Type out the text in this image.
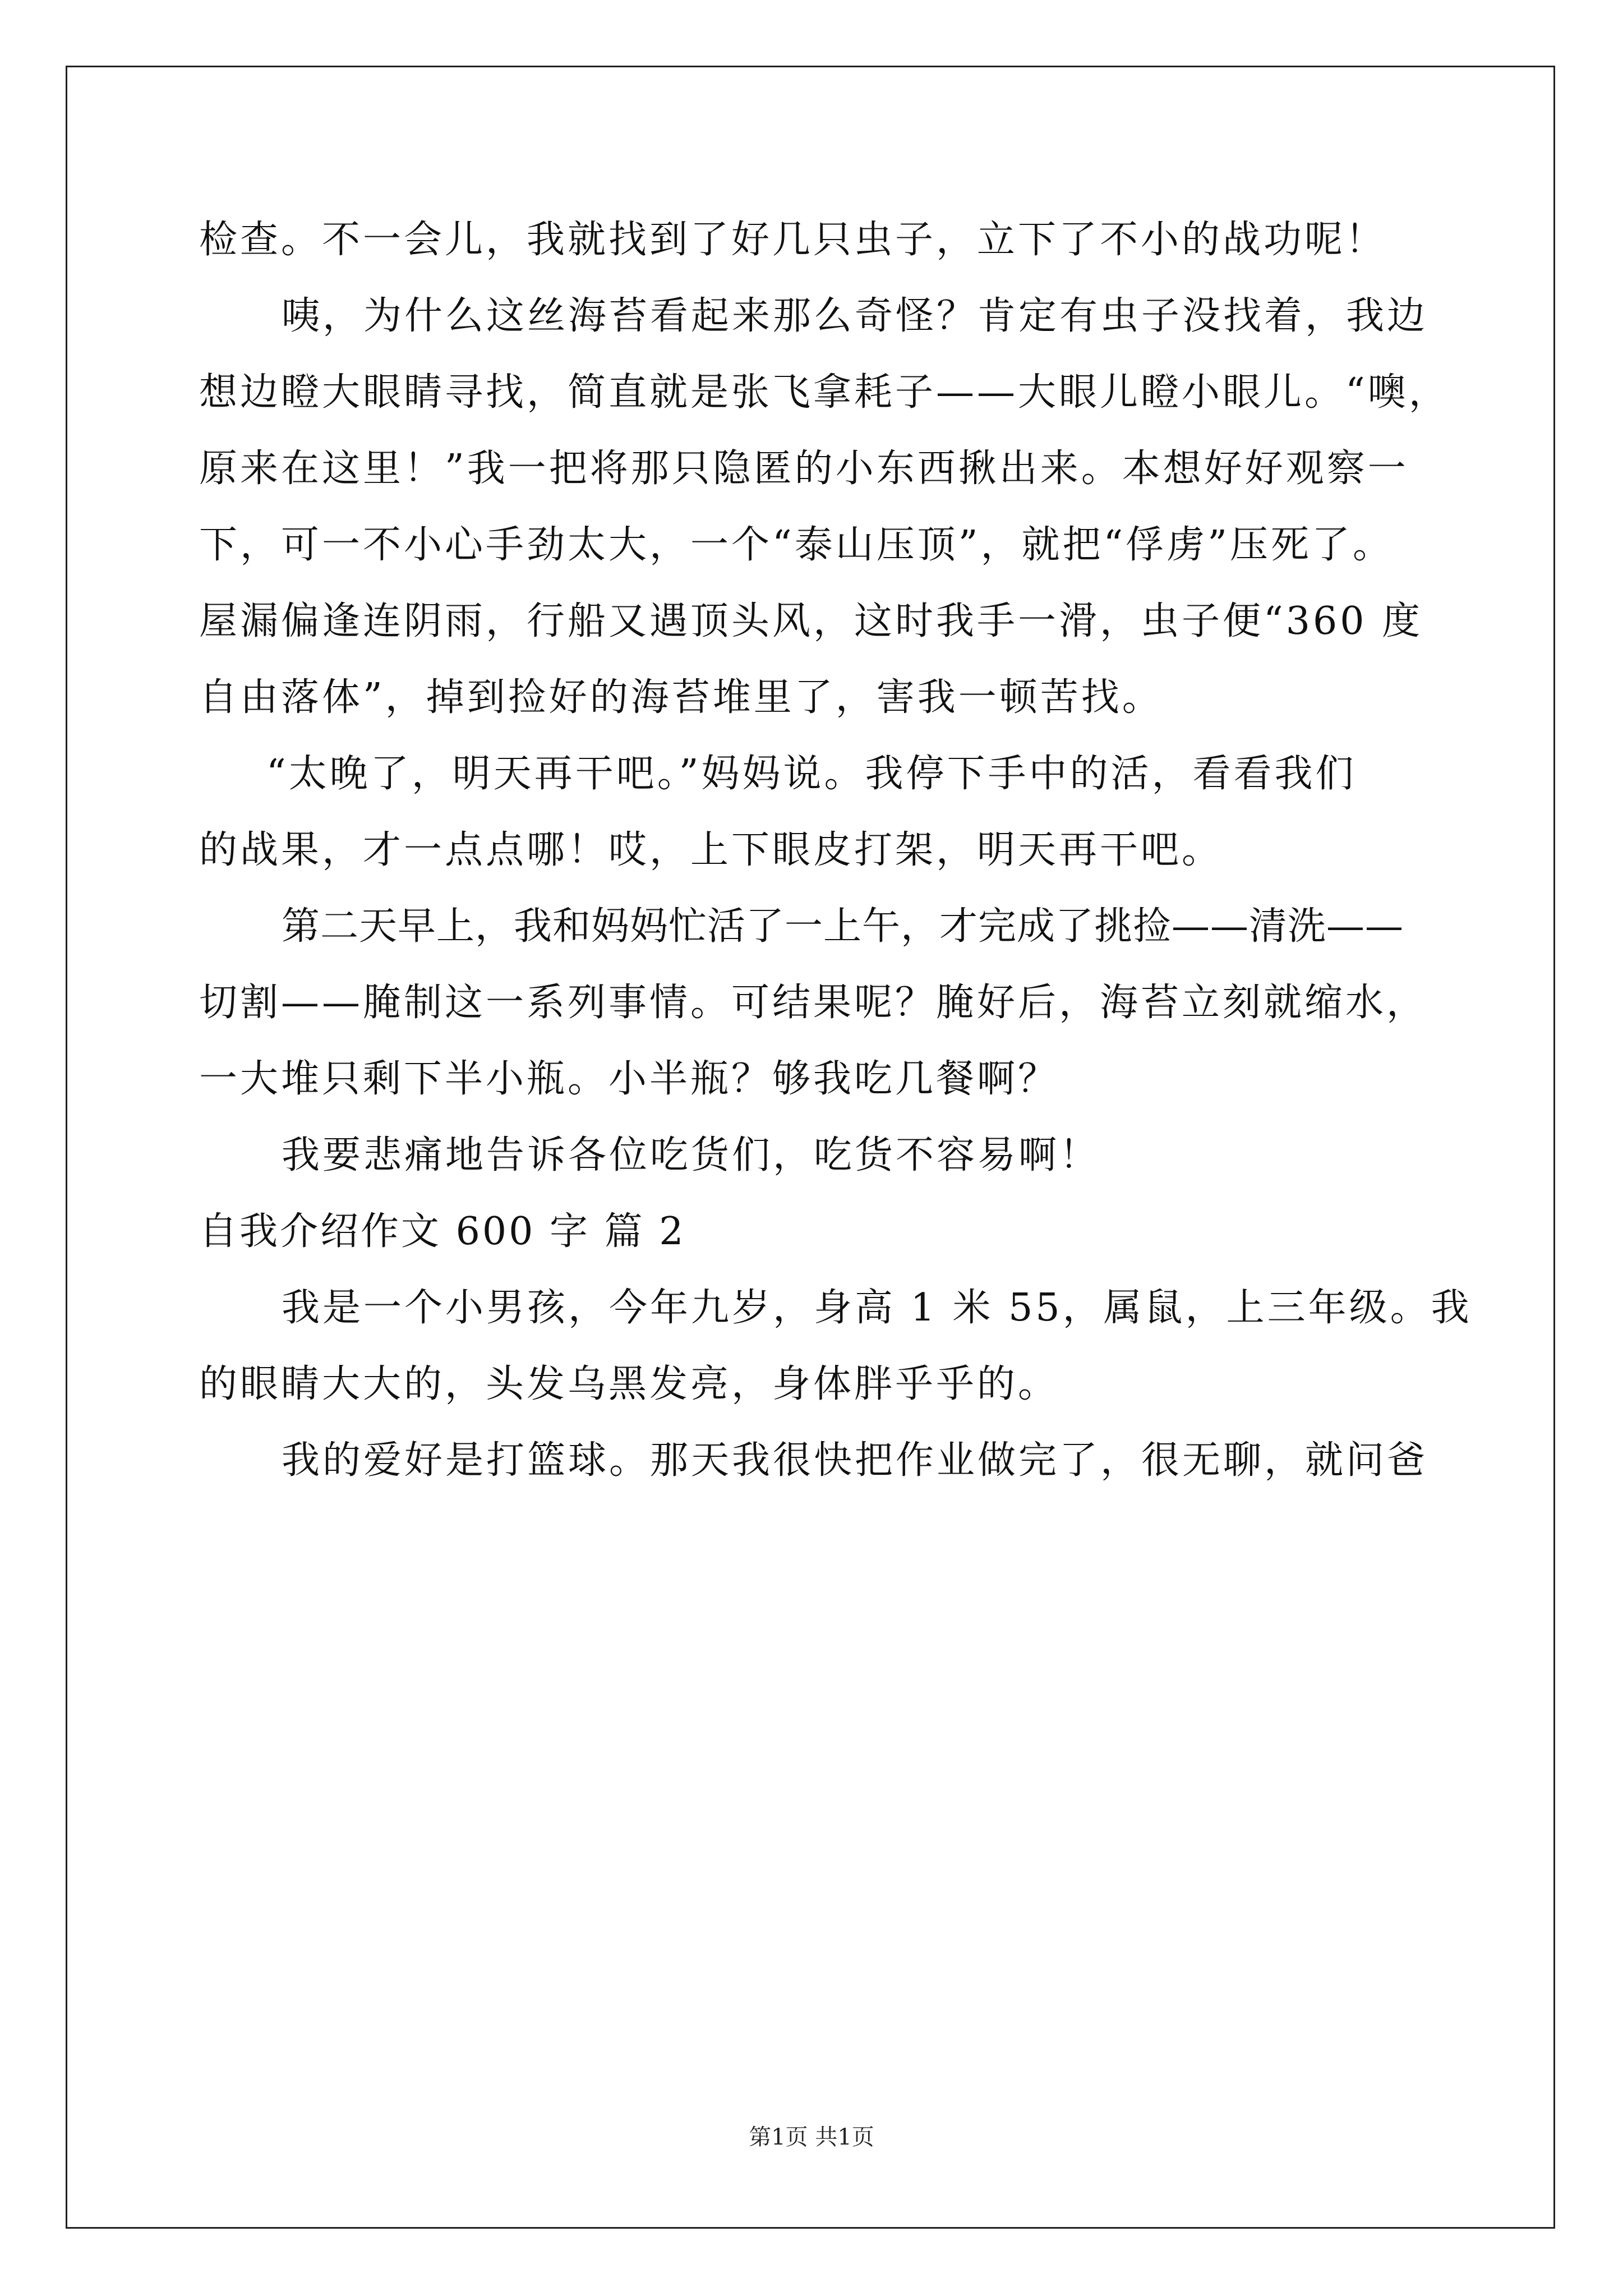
检查。不一会儿，我就找到了好几只虫子，立下了不小的战功呢！
咦，为什么这丝海苔看起来那么奇怪？肯定有虫子没找着，我边
想边瞪大眼睛寻找，简直就是张飞拿耗子——大眼儿瞪小眼儿。“噢，
原来在这里！”我一把将那只隐匿的小东西揪出来。本想好好观察一
下，可一不小心手劲太大，一个“泰山压顶”，就把“俘虏”压死了。
屋漏偏逢连阴雨，行船又遇顶头风，这时我手一滑，虫子便“360 度
自由落体”，掉到捡好的海苔堆里了，害我一顿苦找。
“太晚了，明天再干吧。”妈妈说。我停下手中的活，看看我们
的战果，才一点点哪！哎，上下眼皮打架，明天再干吧。
第二天早上，我和妈妈忙活了一上午，才完成了挑捡——清洗——
切割——腌制这一系列事情。可结果呢？腌好后，海苔立刻就缩水，
一大堆只剩下半小瓶。小半瓶？够我吃几餐啊？
我要悲痛地告诉各位吃货们，吃货不容易啊！
自我介绍作文 600 字 篇 2
我是一个小男孩，今年九岁，身高 1 米 55，属鼠，上三年级。我
的眼睛大大的，头发乌黑发亮，身体胖乎乎的。
我的爱好是打篮球。那天我很快把作业做完了，很无聊，就问爸
第1页 共1页
